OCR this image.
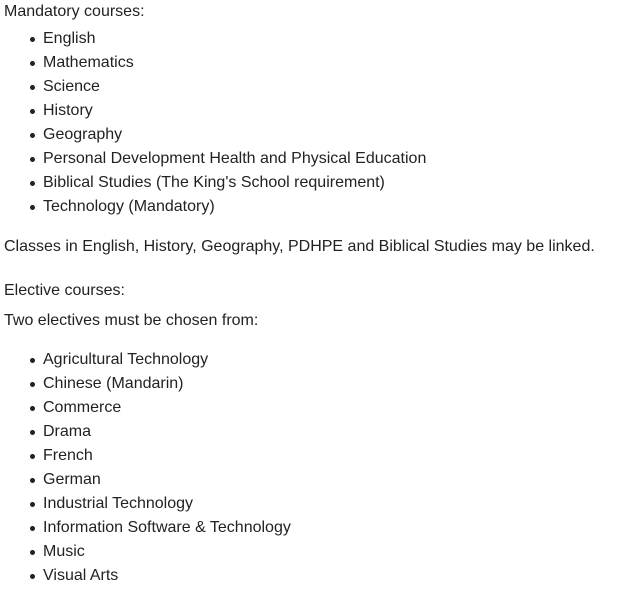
Mandatory courses:
English
Mathematics
Science
History
Geography
Personal Development Health and Physical Education
Biblical Studies (The King's School requirement)
Technology (Mandatory)
Classes in English, History, Geography, PDHPE and Biblical Studies may be linked.
Elective courses:
Two electives must be chosen from:
Agricultural Technology
Chinese (Mandarin)
Commerce
Drama
French
German
Industrial Technology
Information Software & Technology
Music
Visual Arts
